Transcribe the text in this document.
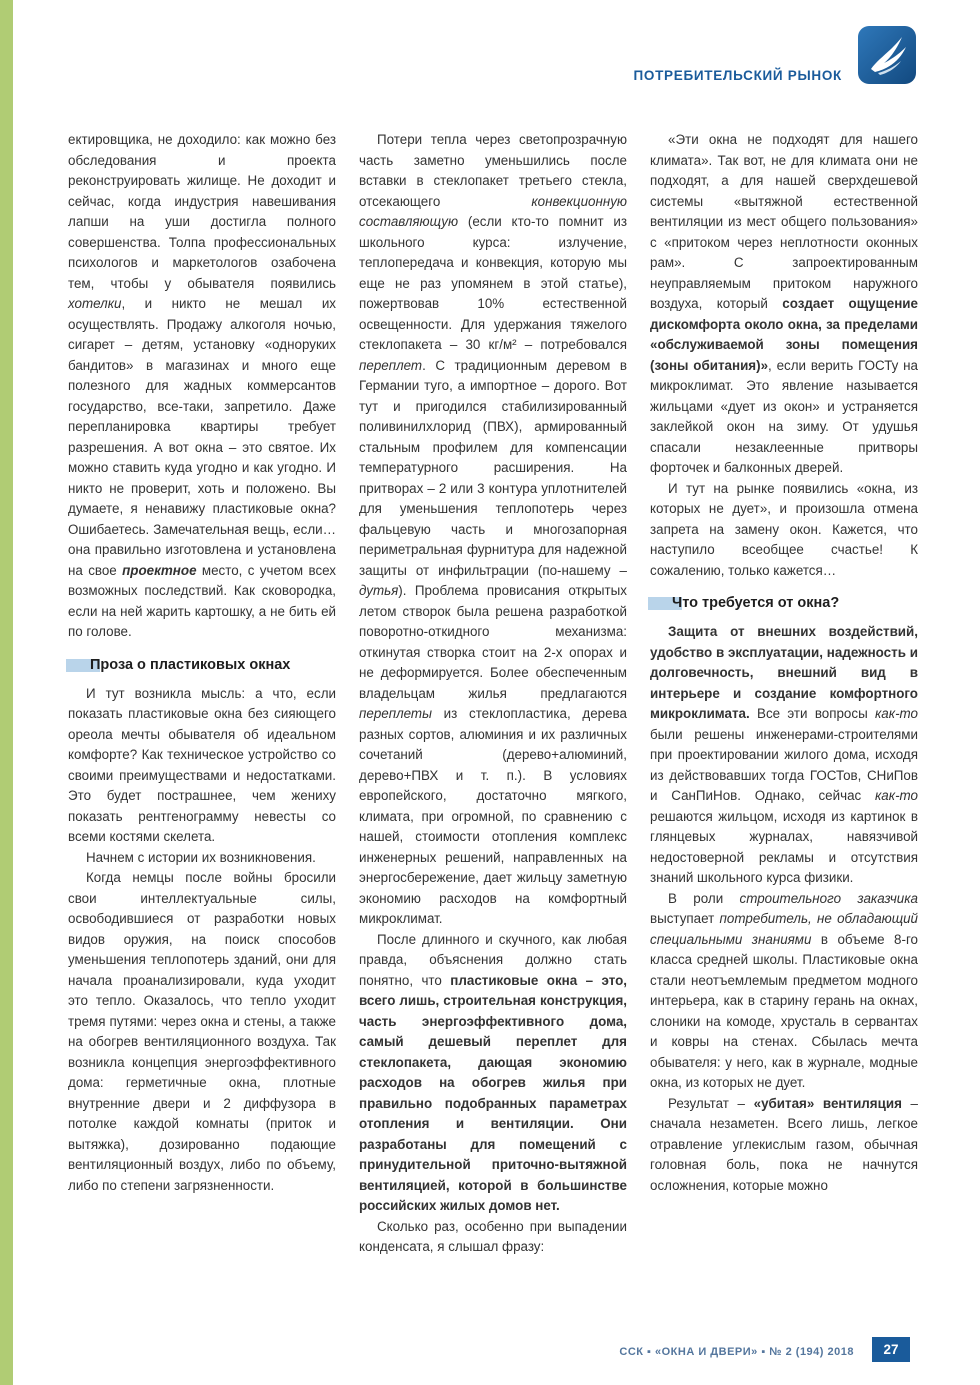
ПОТРЕБИТЕЛЬСКИЙ РЫНОК

ектировщика, не доходило: как можно без обследования и проекта реконструировать жилище. Не доходит и сейчас, когда индустрия навешивания лапши на уши достигла полного совершенства. Толпа профессиональных психологов и маркетологов озабочена тем, чтобы у обывателя появились хотелки, и никто не мешал их осуществлять. Продажу алкоголя ночью, сигарет – детям, установку «одноруких бандитов» в магазинах и много еще полезного для жадных коммерсантов государство, все-таки, запретило. Даже перепланировка квартиры требует разрешения. А вот окна – это святое. Их можно ставить куда угодно и как угодно. И никто не проверит, хоть и положено. Вы думаете, я ненавижу пластиковые окна? Ошибаетесь. Замечательная вещь, если… она правильно изготовлена и установлена на свое проектное место, с учетом всех возможных последствий. Как сковородка, если на ней жарить картошку, а не бить ей по голове.

Проза о пластиковых окнах

И тут возникла мысль: а что, если показать пластиковые окна без сияющего ореола мечты обывателя об идеальном комфорте? Как техническое устройство со своими преимуществами и недостатками. Это будет пострашнее, чем жениху показать рентгенограмму невесты со всеми костями скелета.

Начнем с истории их возникновения.

Когда немцы после войны бросили свои интеллектуальные силы, освободившиеся от разработки новых видов оружия, на поиск способов уменьшения теплопотерь зданий, они для начала проанализировали, куда уходит это тепло. Оказалось, что тепло уходит тремя путями: через окна и стены, а также на обогрев вентиляционного воздуха. Так возникла концепция энергоэффективного дома: герметичные окна, плотные внутренние двери и 2 диффузора в потолке каждой комнаты (приток и вытяжка), дозированно подающие вентиляционный воздух, либо по объему, либо по степени загрязненности.

Потери тепла через светопрозрачную часть заметно уменьшились после вставки в стеклопакет третьего стекла, отсекающего конвекционную составляющую (если кто-то помнит из школьного курса: излучение, теплопередача и конвекция, которую мы еще не раз упомянем в этой статье), пожертвовав 10% естественной освещенности. Для удержания тяжелого стеклопакета – 30 кг/м² – потребовался переплет. С традиционным деревом в Германии туго, а импортное – дорого. Вот тут и пригодился стабилизированный поливинилхлорид (ПВХ), армированный стальным профилем для компенсации температурного расширения. На притворах – 2 или 3 контура уплотнителей для уменьшения теплопотерь через фальцевую часть и многозапорная периметральная фурнитура для надежной защиты от инфильтрации (по-нашему – дутья). Проблема провисания открытых летом створок была решена разработкой поворотно-откидного механизма: откинутая створка стоит на 2-х опорах и не деформируется. Более обеспеченным владельцам жилья предлагаются переплеты из стеклопластика, дерева разных сортов, алюминия и их различных сочетаний (дерево+алюминий, дерево+ПВХ и т. п.). В условиях европейского, достаточно мягкого, климата, при огромной, по сравнению с нашей, стоимости отопления комплекс инженерных решений, направленных на энергосбережение, дает жильцу заметную экономию расходов на комфортный микроклимат.

После длинного и скучного, как любая правда, объяснения должно стать понятно, что пластиковые окна – это, всего лишь, строительная конструкция, часть энергоэффективного дома, самый дешевый переплет для стеклопакета, дающая экономию расходов на обогрев жилья при правильно подобранных параметрах отопления и вентиляции. Они разработаны для помещений с принудительной приточно-вытяжной вентиляцией, которой в большинстве российских жилых домов нет.

Сколько раз, особенно при выпадении конденсата, я слышал фразу:

«Эти окна не подходят для нашего климата». Так вот, не для климата они не подходят, а для нашей сверхдешевой системы «вытяжной естественной вентиляции из мест общего пользования» с «притоком через неплотности оконных рам». С запроектированным неуправляемым притоком наружного воздуха, который создает ощущение дискомфорта около окна, за пределами «обслуживаемой зоны помещения (зоны обитания)», если верить ГОСТу на микроклимат. Это явление называется жильцами «дует из окон» и устраняется заклейкой окон на зиму. От удушья спасали незаклеенные притворы форточек и балконных дверей.

И тут на рынке появились «окна, из которых не дует», и произошла отмена запрета на замену окон. Кажется, что наступило всеобщее счастье! К сожалению, только кажется…

Что требуется от окна?

Защита от внешних воздействий, удобство в эксплуатации, надежность и долговечность, внешний вид в интерьере и создание комфортного микроклимата. Все эти вопросы как-то были решены инженерами-строителями при проектировании жилого дома, исходя из действовавших тогда ГОСТов, СНиПов и СанПиНов. Однако, сейчас как-то решаются жильцом, исходя из картинок в глянцевых журналах, навязчивой недостоверной рекламы и отсутствия знаний школьного курса физики.

В роли строительного заказчика выступает потребитель, не обладающий специальными знаниями в объеме 8-го класса средней школы. Пластиковые окна стали неотъемлемым предметом модного интерьера, как в старину герань на окнах, слоники на комоде, хрусталь в сервантах и ковры на стенах. Сбылась мечта обывателя: у него, как в журнале, модные окна, из которых не дует.

Результат – «убитая» вентиляция – сначала незаметен. Всего лишь, легкое отравление углекислым газом, обычная головная боль, пока не начнутся осложнения, которые можно

ССК ▪ «ОКНА И ДВЕРИ» ▪ № 2 (194) 2018	27
